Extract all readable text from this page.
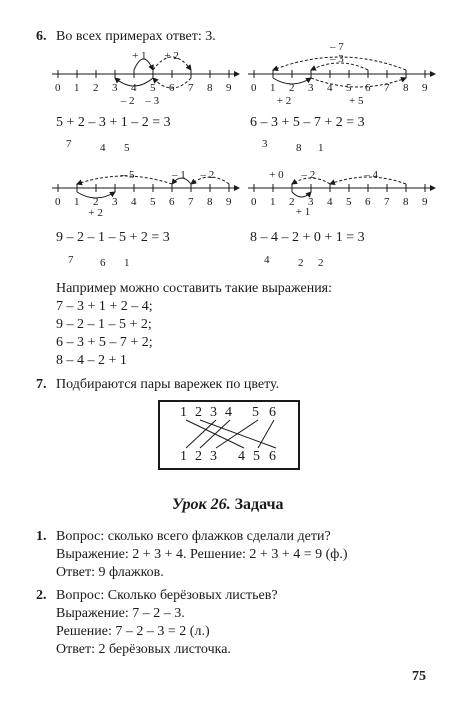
6. Во всех примерах ответ: 3.
0 1 2 3 4 5 6 7 8 9
+ 1 + 2
– 2 – 3
0 1 2 3 4 5 6 7 8 9
– 7
– 3
+ 2	+ 5
0 1 2 3 4 5 6 7 8 9
– 5	– 1 – 2
+ 2
0 1 2 3 4 5 6 7 8 9
+ 0 – 2	– 4
+ 1
5 + 2 – 3 + 1 – 2 = 3
7	4 5
6 – 3 + 5 – 7 + 2 = 3
3	8 1
9 – 2 – 1 – 5 + 2 = 3
7 6 1
8 – 4 – 2 + 0 + 1 = 3
4	2 2
Например можно составить такие выражения:
7 – 3 + 1 + 2 – 4;
9 – 2 – 1 – 5 + 2;
6 – 3 + 5 – 7 + 2;
8 – 4 – 2 + 1
7. Подбираются пары варежек по цвету.
1 2 3 4 5 6
1 2 3 4 5 6
Урок 26. Задача
1. Вопрос: сколько всего флажков сделали дети?
Выражение: 2 + 3 + 4. Решение: 2 + 3 + 4 = 9 (ф.)
Ответ: 9 флажков.
2. Вопрос: Сколько берёзовых листьев?
Выражение: 7 – 2 – 3.
Решение: 7 – 2 – 3 = 2 (л.)
Ответ: 2 берёзовых листочка.
75
